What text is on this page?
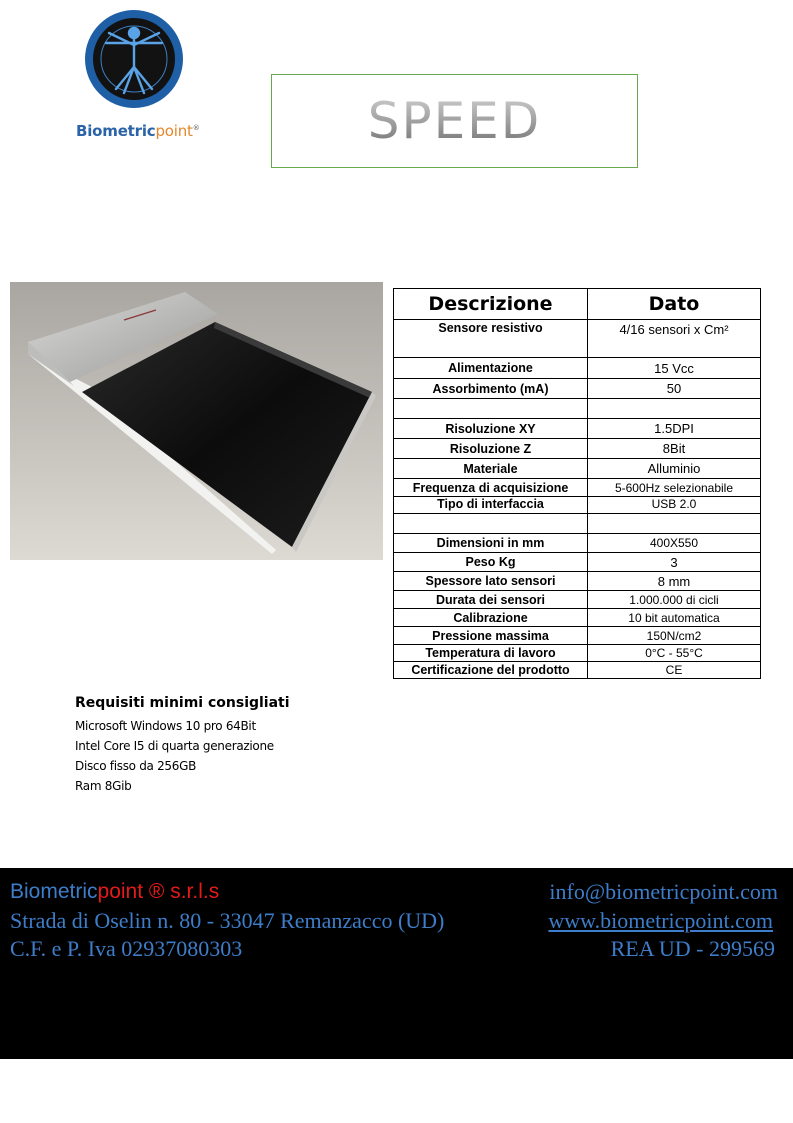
Biometricpoint®	SPEED
Descrizione	Dato
Sensore resistivo	4/16 sensori x Cm²
Alimentazione	15 Vcc
Assorbimento (mA)	50

Risoluzione XY	1.5DPI
Risoluzione Z	8Bit
Materiale	Alluminio
Frequenza di acquisizione	5-600Hz selezionabile
Tipo di interfaccia	USB 2.0

Dimensioni in mm	400X550
Peso Kg	3
Spessore lato sensori	8 mm
Durata dei sensori	1.000.000 di cicli
Calibrazione	10 bit automatica
Pressione massima	150N/cm2
Temperatura di lavoro	0°C - 55°C
Certificazione del prodotto	CE
Requisiti minimi consigliati
Microsoft Windows 10 pro 64Bit
Intel Core I5 di quarta generazione
Disco fisso da 256GB
Ram 8Gib
Biometricpoint ® s.r.l.s
Strada di Oselin n. 80 - 33047 Remanzacco (UD)
C.F. e P. Iva 02937080303
info@biometricpoint.com
www.biometricpoint.com
REA UD - 299569
